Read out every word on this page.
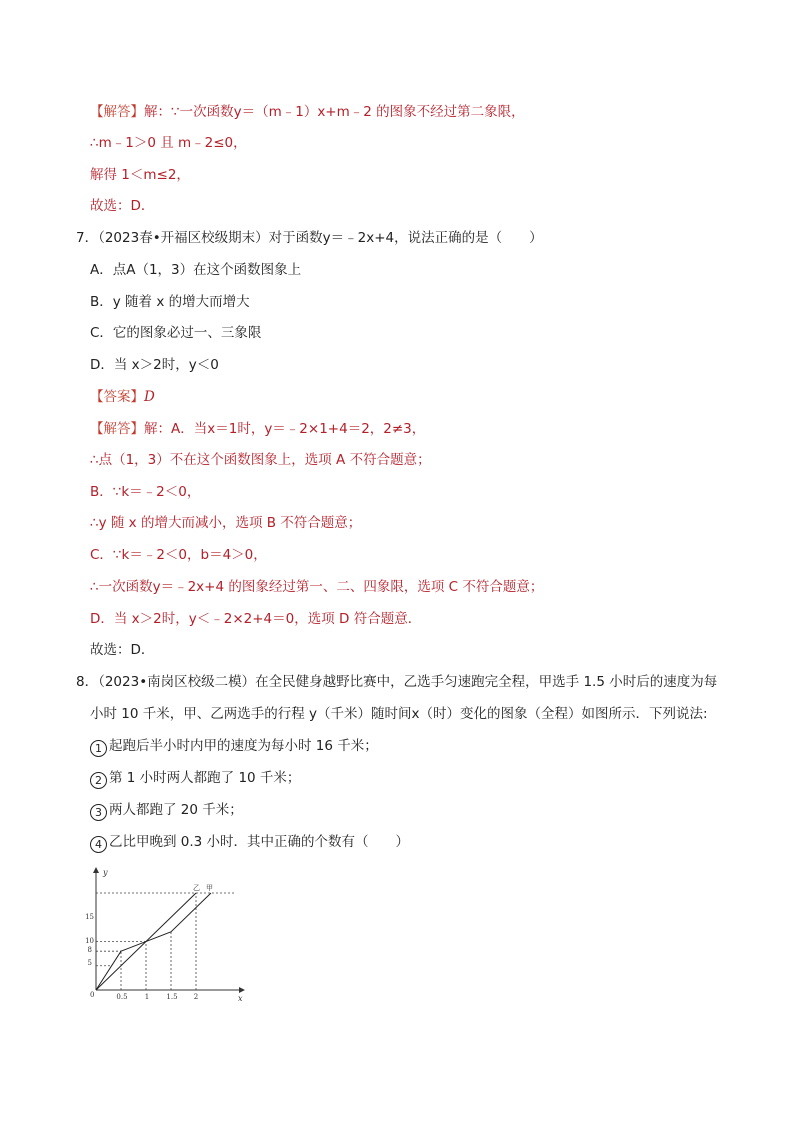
【解答】解：∵一次函数y＝（m﹣1）x+m﹣2 的图象不经过第二象限，
∴m﹣1＞0 且 m﹣2≤0，
解得 1＜m≤2，
故选：D．
7．（2023春•开福区校级期末）对于函数y＝﹣2x+4，说法正确的是（　　）
A．点A（1，3）在这个函数图象上
B．y 随着 x 的增大而增大
C．它的图象必过一、三象限
D．当 x＞2时，y＜0
【答案】D
【解答】解：A．当x＝1时，y＝﹣2×1+4＝2，2≠3，
∴点（1，3）不在这个函数图象上，选项 A 不符合题意；
B．∵k＝﹣2＜0，
∴y 随 x 的增大而减小，选项 B 不符合题意；
C．∵k＝﹣2＜0，b＝4＞0，
∴一次函数y＝﹣2x+4 的图象经过第一、二、四象限，选项 C 不符合题意；
D．当 x＞2时，y＜﹣2×2+4＝0，选项 D 符合题意．
故选：D．
8．（2023•南岗区校级二模）在全民健身越野比赛中，乙选手匀速跑完全程，甲选手 1.5 小时后的速度为每
小时 10 千米，甲、乙两选手的行程 y（千米）随时间x（时）变化的图象（全程）如图所示．下列说法:
1 起跑后半小时内甲的速度为每小时 16 千米；
2 第 1 小时两人都跑了 10 千米；
3 两人都跑了 20 千米；
4 乙比甲晚到 0.3 小时．其中正确的个数有（　　）
x
y
0	0.5 1 1.5 2
5
8
10
15
乙 甲
